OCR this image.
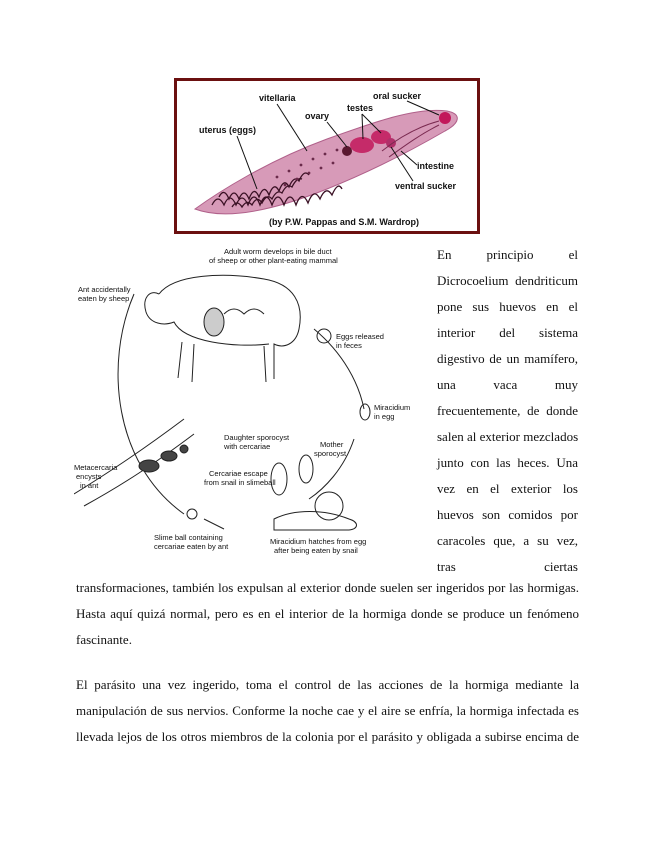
vitellaria	oral sucker
testes
ovary
uterus (eggs)
intestine
ventral sucker
(by P.W. Pappas and S.M. Wardrop)
Adult worm develops in bile duct
of sheep or other plant-eating mammal
Ant accidentally
eaten by sheep
Eggs released
in feces
Miracidium
in egg
Daughter sporocyst
with cercariae	Mother
sporocyst
Metacercaria
encysts
in ant
Cercariae escape
from snail in slimeball
Slime ball containing
cercariae eaten by ant
Miracidium hatches from egg
after being eaten by snail
En principio el
Dicrocoelium dendriticum
pone sus huevos en el
interior del sistema
digestivo de un mamífero,
una vaca muy
frecuentemente, de donde
salen al exterior mezclados
junto con las heces. Una
vez en el exterior los
huevos son comidos por
caracoles que, a su vez,
tras ciertas
transformaciones, también los expulsan al exterior donde suelen ser ingeridos por las hormigas.
Hasta aquí quizá normal, pero es en el interior de la hormiga donde se produce un fenómeno
fascinante.
El parásito una vez ingerido, toma el control de las acciones de la hormiga mediante la
manipulación de sus nervios. Conforme la noche cae y el aire se enfría, la hormiga infectada es
llevada lejos de los otros miembros de la colonia por el parásito y obligada a subirse encima de
